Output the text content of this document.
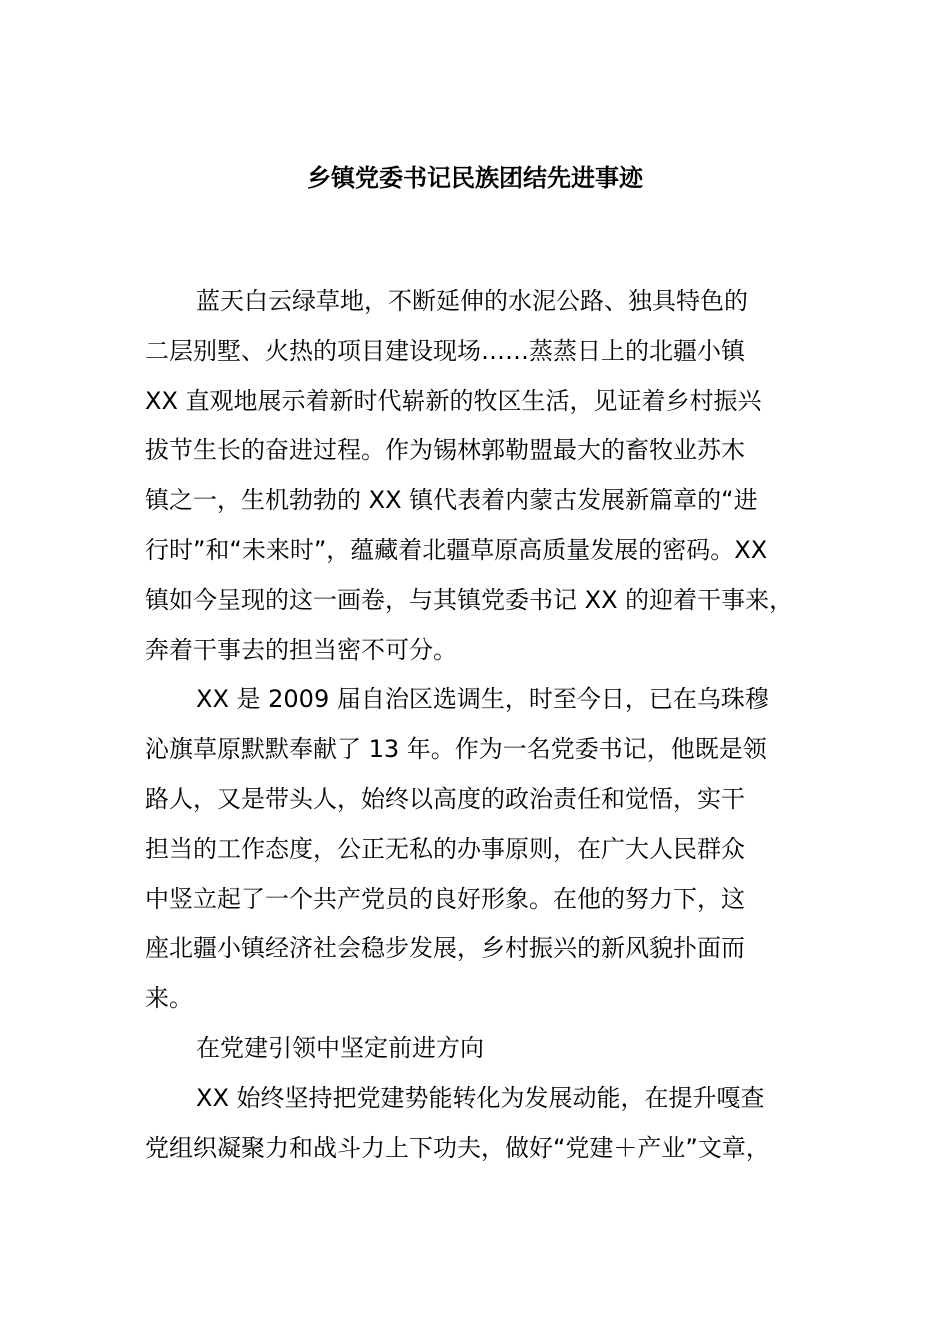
乡镇党委书记民族团结先进事迹
蓝天白云绿草地，不断延伸的水泥公路、独具特色的
二层别墅、火热的项目建设现场……蒸蒸日上的北疆小镇
XX 直观地展示着新时代崭新的牧区生活，见证着乡村振兴
拔节生长的奋进过程。作为锡林郭勒盟最大的畜牧业苏木
镇之一，生机勃勃的 XX 镇代表着内蒙古发展新篇章的“进
行时”和“未来时”，蕴藏着北疆草原高质量发展的密码。XX
镇如今呈现的这一画卷，与其镇党委书记 XX 的迎着干事来，
奔着干事去的担当密不可分。
XX 是 2009 届自治区选调生，时至今日，已在乌珠穆
沁旗草原默默奉献了 13 年。作为一名党委书记，他既是领
路人，又是带头人，始终以高度的政治责任和觉悟，实干
担当的工作态度，公正无私的办事原则，在广大人民群众
中竖立起了一个共产党员的良好形象。在他的努力下，这
座北疆小镇经济社会稳步发展，乡村振兴的新风貌扑面而
来。
在党建引领中坚定前进方向
XX 始终坚持把党建势能转化为发展动能，在提升嘎查
党组织凝聚力和战斗力上下功夫，做好“党建＋产业”文章，
